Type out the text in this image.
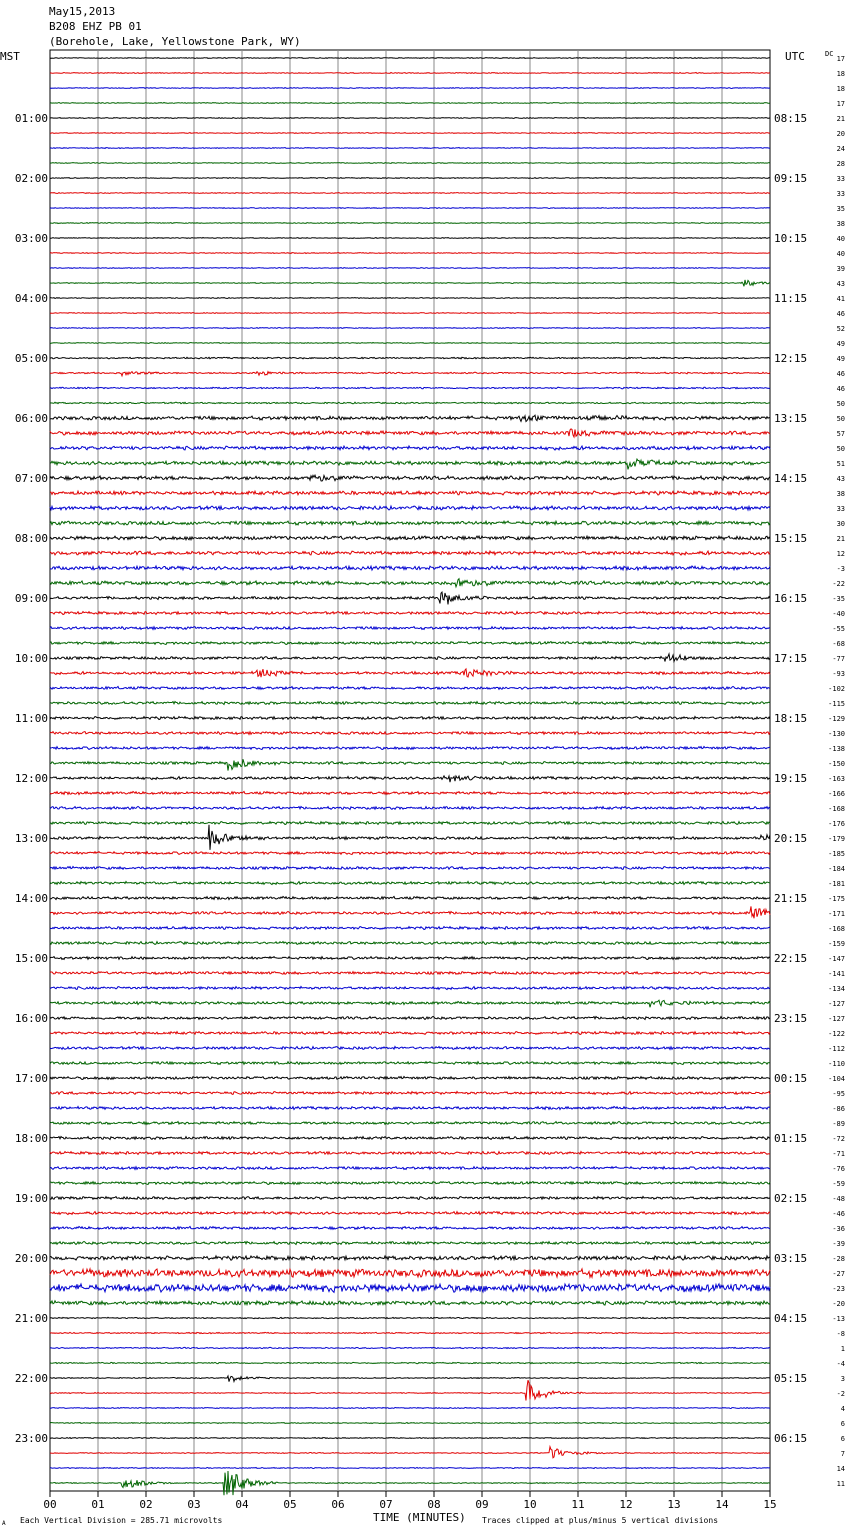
May15,2013
B208 EHZ PB 01
(Borehole, Lake, Yellowstone Park, WY)
MST	UTC	DC
00	01	02	03	04	05	06	07	08	09	10	11	12	13	14	15
17
18
18
17
21
20
24
28
33
33
35
38
40
40
39
43
41
46
52
49
49
46
46
50
50
57
50
51
43
38
33
30
21
12
-3
-22
-35
-40
-55
-68
-77
-93
-102
-115
-129
-130
-138
-150
-163
-166
-168
-176
-179
-185
-184
-181
-175
-171
-168
-159
-147
-141
-134
-127
-127
-122
-112
-110
-104
-95
-86
-89
-72
-71
-76
-59
-48
-46
-36
-39
-28
-27
-23
-20
-13
-8
1
-4
3
-2
4
6
6
7
14
11
01:00	08:15
02:00	09:15
03:00	10:15
04:00	11:15
05:00	12:15
06:00	13:15
07:00	14:15
08:00	15:15
09:00	16:15
10:00	17:15
11:00	18:15
12:00	19:15
13:00	20:15
14:00	21:15
15:00	22:15
16:00	23:15
17:00	00:15
18:00	01:15
19:00	02:15
20:00	03:15
21:00	04:15
22:00	05:15
23:00	06:15
TIME (MINUTES)
Each Vertical Division = 285.71 microvolts	Traces clipped at plus/minus 5 vertical divisions
A
